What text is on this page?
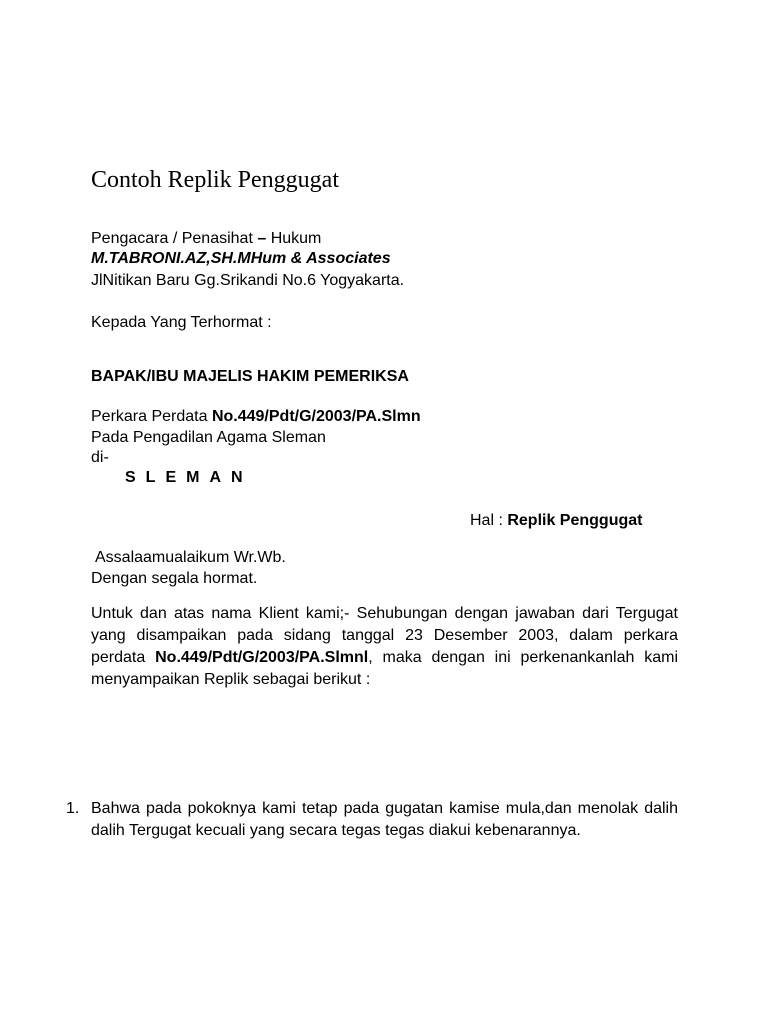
Contoh Replik Penggugat
Pengacara / Penasihat – Hukum
M.TABRONI.AZ,SH.MHum & Associates
JlNitikan Baru Gg.Srikandi No.6 Yogyakarta.
Kepada Yang Terhormat :
BAPAK/IBU MAJELIS HAKIM PEMERIKSA
Perkara Perdata No.449/Pdt/G/2003/PA.Slmn
Pada Pengadilan Agama Sleman
di-
SLEMAN
Hal : Replik Penggugat
Assalaamualaikum Wr.Wb.
Dengan segala hormat.
Untuk dan atas nama Klient kami;- Sehubungan dengan jawaban dari Tergugat yang disampaikan pada sidang tanggal 23 Desember 2003, dalam perkara perdata No.449/Pdt/G/2003/PA.Slmnl, maka dengan ini perkenankanlah kami menyampaikan Replik sebagai berikut :
1. Bahwa pada pokoknya kami tetap pada gugatan kamise mula,dan menolak dalih dalih Tergugat kecuali yang secara tegas tegas diakui kebenarannya.
